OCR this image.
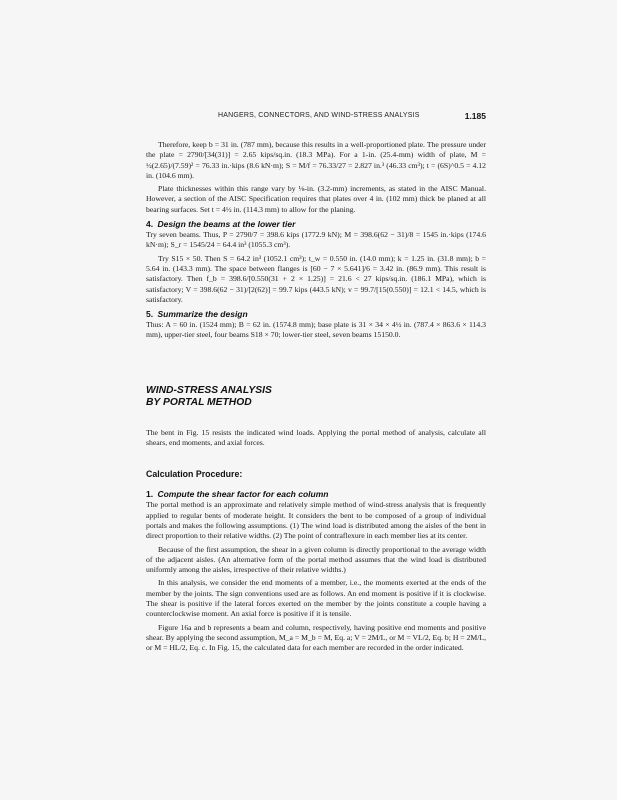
HANGERS, CONNECTORS, AND WIND-STRESS ANALYSIS	1.185

Therefore, keep b = 31 in. (787 mm), because this results in a well-proportioned plate. The pressure under the plate = 2790/[34(31)] = 2.65 kips/sq.in. (18.3 MPa). For a 1-in. (25.4-mm) width of plate, M = ½(2.65)/(7.59)² = 76.33 in.·kips (8.6 kN·m); S = M/f = 76.33/27 = 2.827 in.³ (46.33 cm³); t = (6S)^0.5 = 4.12 in. (104.6 mm).

Plate thicknesses within this range vary by ⅛-in. (3.2-mm) increments, as stated in the AISC Manual. However, a section of the AISC Specification requires that plates over 4 in. (102 mm) thick be planed at all bearing surfaces. Set t = 4½ in. (114.3 mm) to allow for the planing.

4. Design the beams at the lower tier

Try seven beams. Thus, P = 2790/7 = 398.6 kips (1772.9 kN); M = 398.6(62 − 31)/8 = 1545 in.·kips (174.6 kN·m); S_r = 1545/24 = 64.4 in³ (1055.3 cm³).

Try S15 × 50. Then S = 64.2 in³ (1052.1 cm³); t_w = 0.550 in. (14.0 mm); k = 1.25 in. (31.8 mm); b = 5.64 in. (143.3 mm). The space between flanges is [60 − 7 × 5.641]/6 = 3.42 in. (86.9 mm). This result is satisfactory. Then f_b = 398.6/[0.550(31 + 2 × 1.25)] = 21.6 < 27 kips/sq.in. (186.1 MPa), which is satisfactory; V = 398.6(62 − 31)/[2(62)] = 99.7 kips (443.5 kN); v = 99.7/[15(0.550)] = 12.1 < 14.5, which is satisfactory.

5. Summarize the design

Thus: A = 60 in. (1524 mm); B = 62 in. (1574.8 mm); base plate is 31 × 34 × 4½ in. (787.4 × 863.6 × 114.3 mm), upper-tier steel, four beams S18 × 70; lower-tier steel, seven beams 15150.0.

WIND-STRESS ANALYSIS
BY PORTAL METHOD

The bent in Fig. 15 resists the indicated wind loads. Applying the portal method of analysis, calculate all shears, end moments, and axial forces.

Calculation Procedure:
1. Compute the shear factor for each column

The portal method is an approximate and relatively simple method of wind-stress analysis that is frequently applied to regular bents of moderate height. It considers the bent to be composed of a group of individual portals and makes the following assumptions. (1) The wind load is distributed among the aisles of the bent in direct proportion to their relative widths. (2) The point of contraflexure in each member lies at its center.

Because of the first assumption, the shear in a given column is directly proportional to the average width of the adjacent aisles. (An alternative form of the portal method assumes that the wind load is distributed uniformly among the aisles, irrespective of their relative widths.)

In this analysis, we consider the end moments of a member, i.e., the moments exerted at the ends of the member by the joints. The sign conventions used are as follows. An end moment is positive if it is clockwise. The shear is positive if the lateral forces exerted on the member by the joints constitute a couple having a counterclockwise moment. An axial force is positive if it is tensile.

Figure 16a and b represents a beam and column, respectively, having positive end moments and positive shear. By applying the second assumption, M_a = M_b = M, Eq. a; V = 2M/L, or M = VL/2, Eq. b; H = 2M/L, or M = HL/2, Eq. c. In Fig. 15, the calculated data for each member are recorded in the order indicated.
